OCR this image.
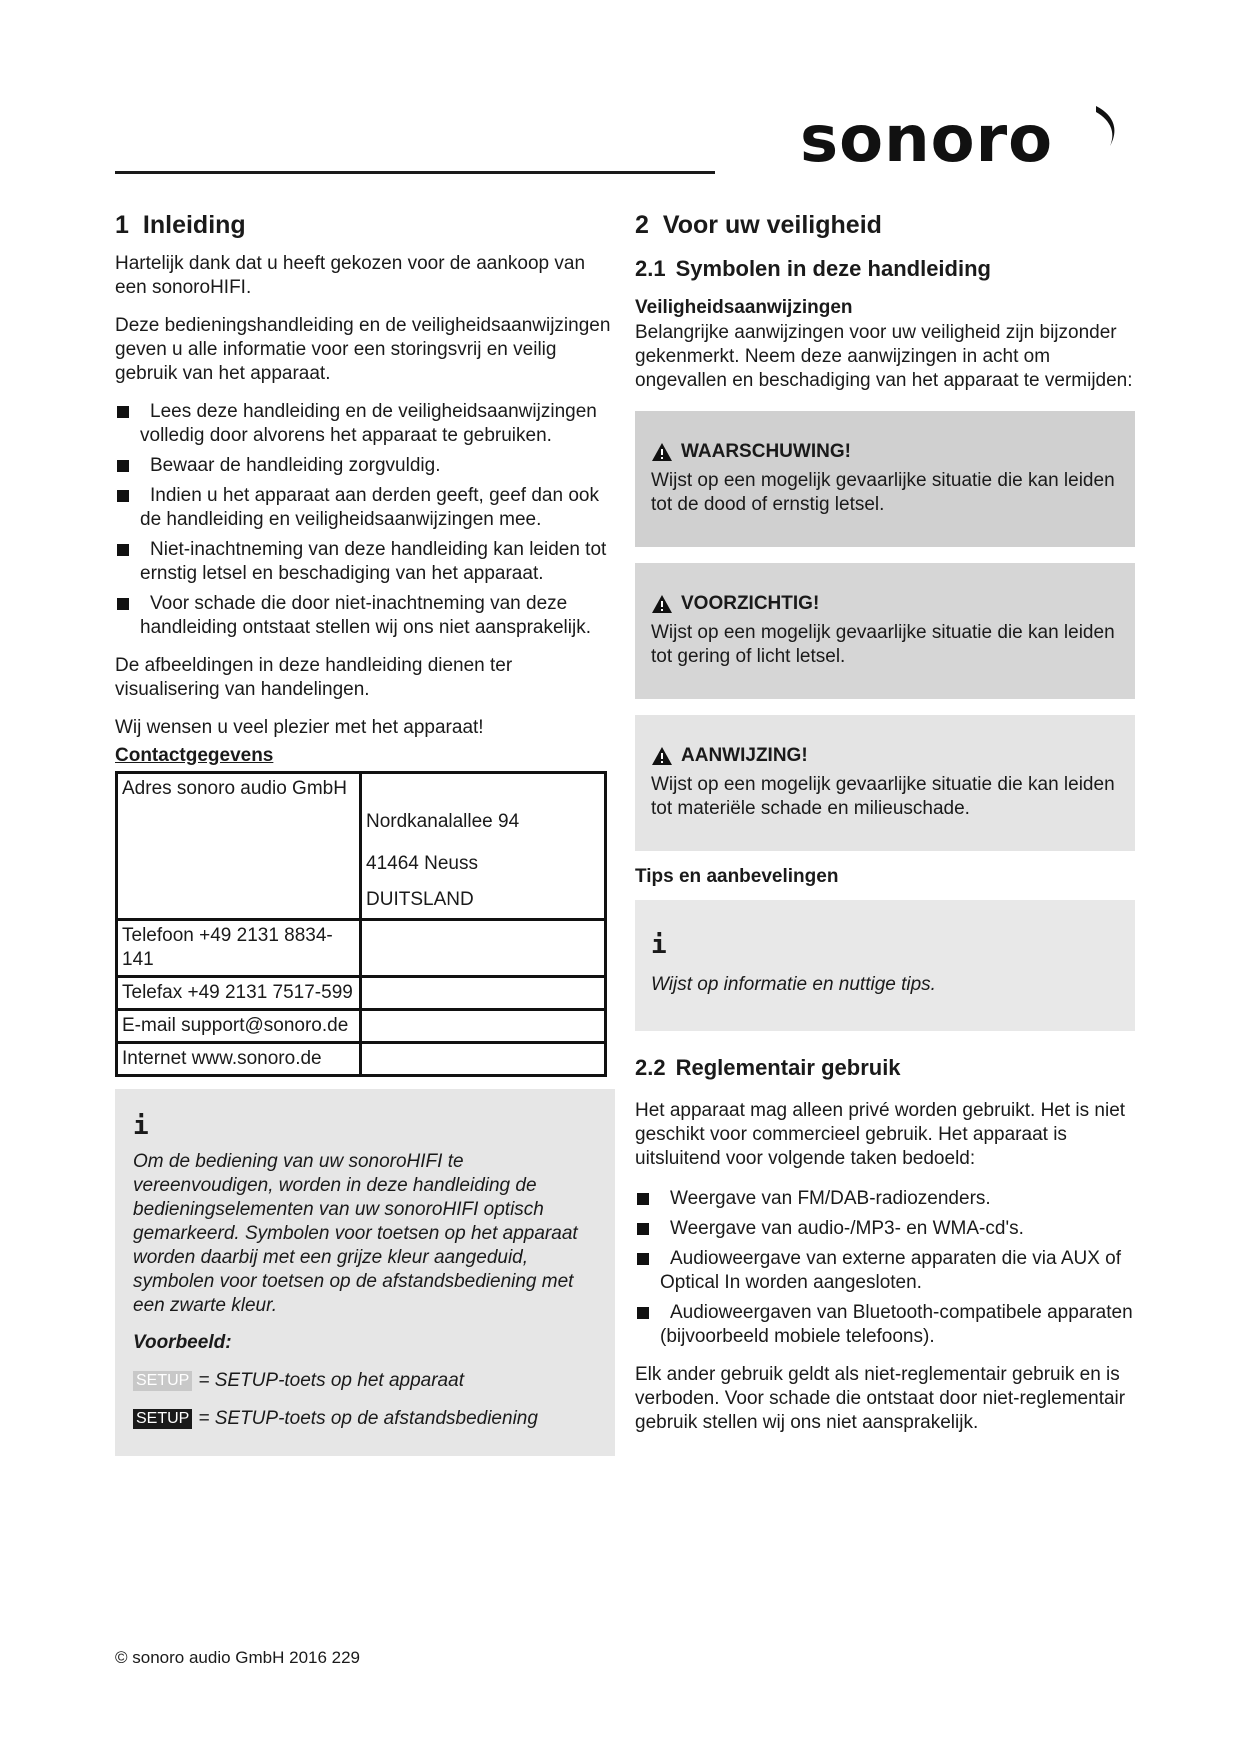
sonoro
1 Inleiding

Hartelijk dank dat u heeft gekozen voor de aankoop van een sonoroHIFI.

Deze bedieningshandleiding en de veiligheidsaanwijzingen geven u alle informatie voor een storingsvrij en veilig gebruik van het apparaat.

Lees deze handleiding en de veiligheidsaanwijzingen volledig door alvorens het apparaat te gebruiken.
Bewaar de handleiding zorgvuldig.
Indien u het apparaat aan derden geeft, geef dan ook de handleiding en veiligheidsaanwijzingen mee.
Niet-inachtneming van deze handleiding kan leiden tot ernstig letsel en beschadiging van het apparaat.
Voor schade die door niet-inachtneming van deze handleiding ontstaat stellen wij ons niet aansprakelijk.

De afbeeldingen in deze handleiding dienen ter visualisering van handelingen.

Wij wensen u veel plezier met het apparaat!

Contactgegevens
Adres sonoro audio GmbH	Nordkanalallee 94
41464 Neuss
DUITSLAND

Telefoon +49 2131 8834-141	
Telefax +49 2131 7517-599	
E-mail support@sonoro.de	
Internet www.sonoro.de	
i

Om de bediening van uw sonoroHIFI te vereenvoudigen, worden in deze handleiding de bedieningselementen van uw sonoroHIFI optisch gemarkeerd. Symbolen voor toetsen op het apparaat worden daarbij met een grijze kleur aangeduid, symbolen voor toetsen op de afstandsbediening met een zwarte kleur.

Voorbeeld:
SETUP = SETUP-toets op het apparaat
SETUP = SETUP-toets op de afstandsbediening
2 Voor uw veiligheid
2.1 Symbolen in deze handleiding
Veiligheidsaanwijzingen

Belangrijke aanwijzingen voor uw veiligheid zijn bijzonder gekenmerkt. Neem deze aanwijzingen in acht om ongevallen en beschadiging van het apparaat te vermijden:

WAARSCHUWING!

Wijst op een mogelijk gevaarlijke situatie die kan leiden tot de dood of ernstig letsel.

VOORZICHTIG!

Wijst op een mogelijk gevaarlijke situatie die kan leiden tot gering of licht letsel.

AANWIJZING!

Wijst op een mogelijk gevaarlijke situatie die kan leiden tot materiële schade en milieuschade.

Tips en aanbevelingen
i

Wijst op informatie en nuttige tips.

2.2 Reglementair gebruik

Het apparaat mag alleen privé worden gebruikt. Het is niet geschikt voor commercieel gebruik. Het apparaat is uitsluitend voor volgende taken bedoeld:

Weergave van FM/DAB-radiozenders.
Weergave van audio-/MP3- en WMA-cd's.
Audioweergave van externe apparaten die via AUX of Optical In worden aangesloten.
Audioweergaven van Bluetooth-compatibele apparaten (bijvoorbeeld mobiele telefoons).

Elk ander gebruik geldt als niet-reglementair gebruik en is verboden. Voor schade die ontstaat door niet-reglementair gebruik stellen wij ons niet aansprakelijk.

© sonoro audio GmbH 2016 229
